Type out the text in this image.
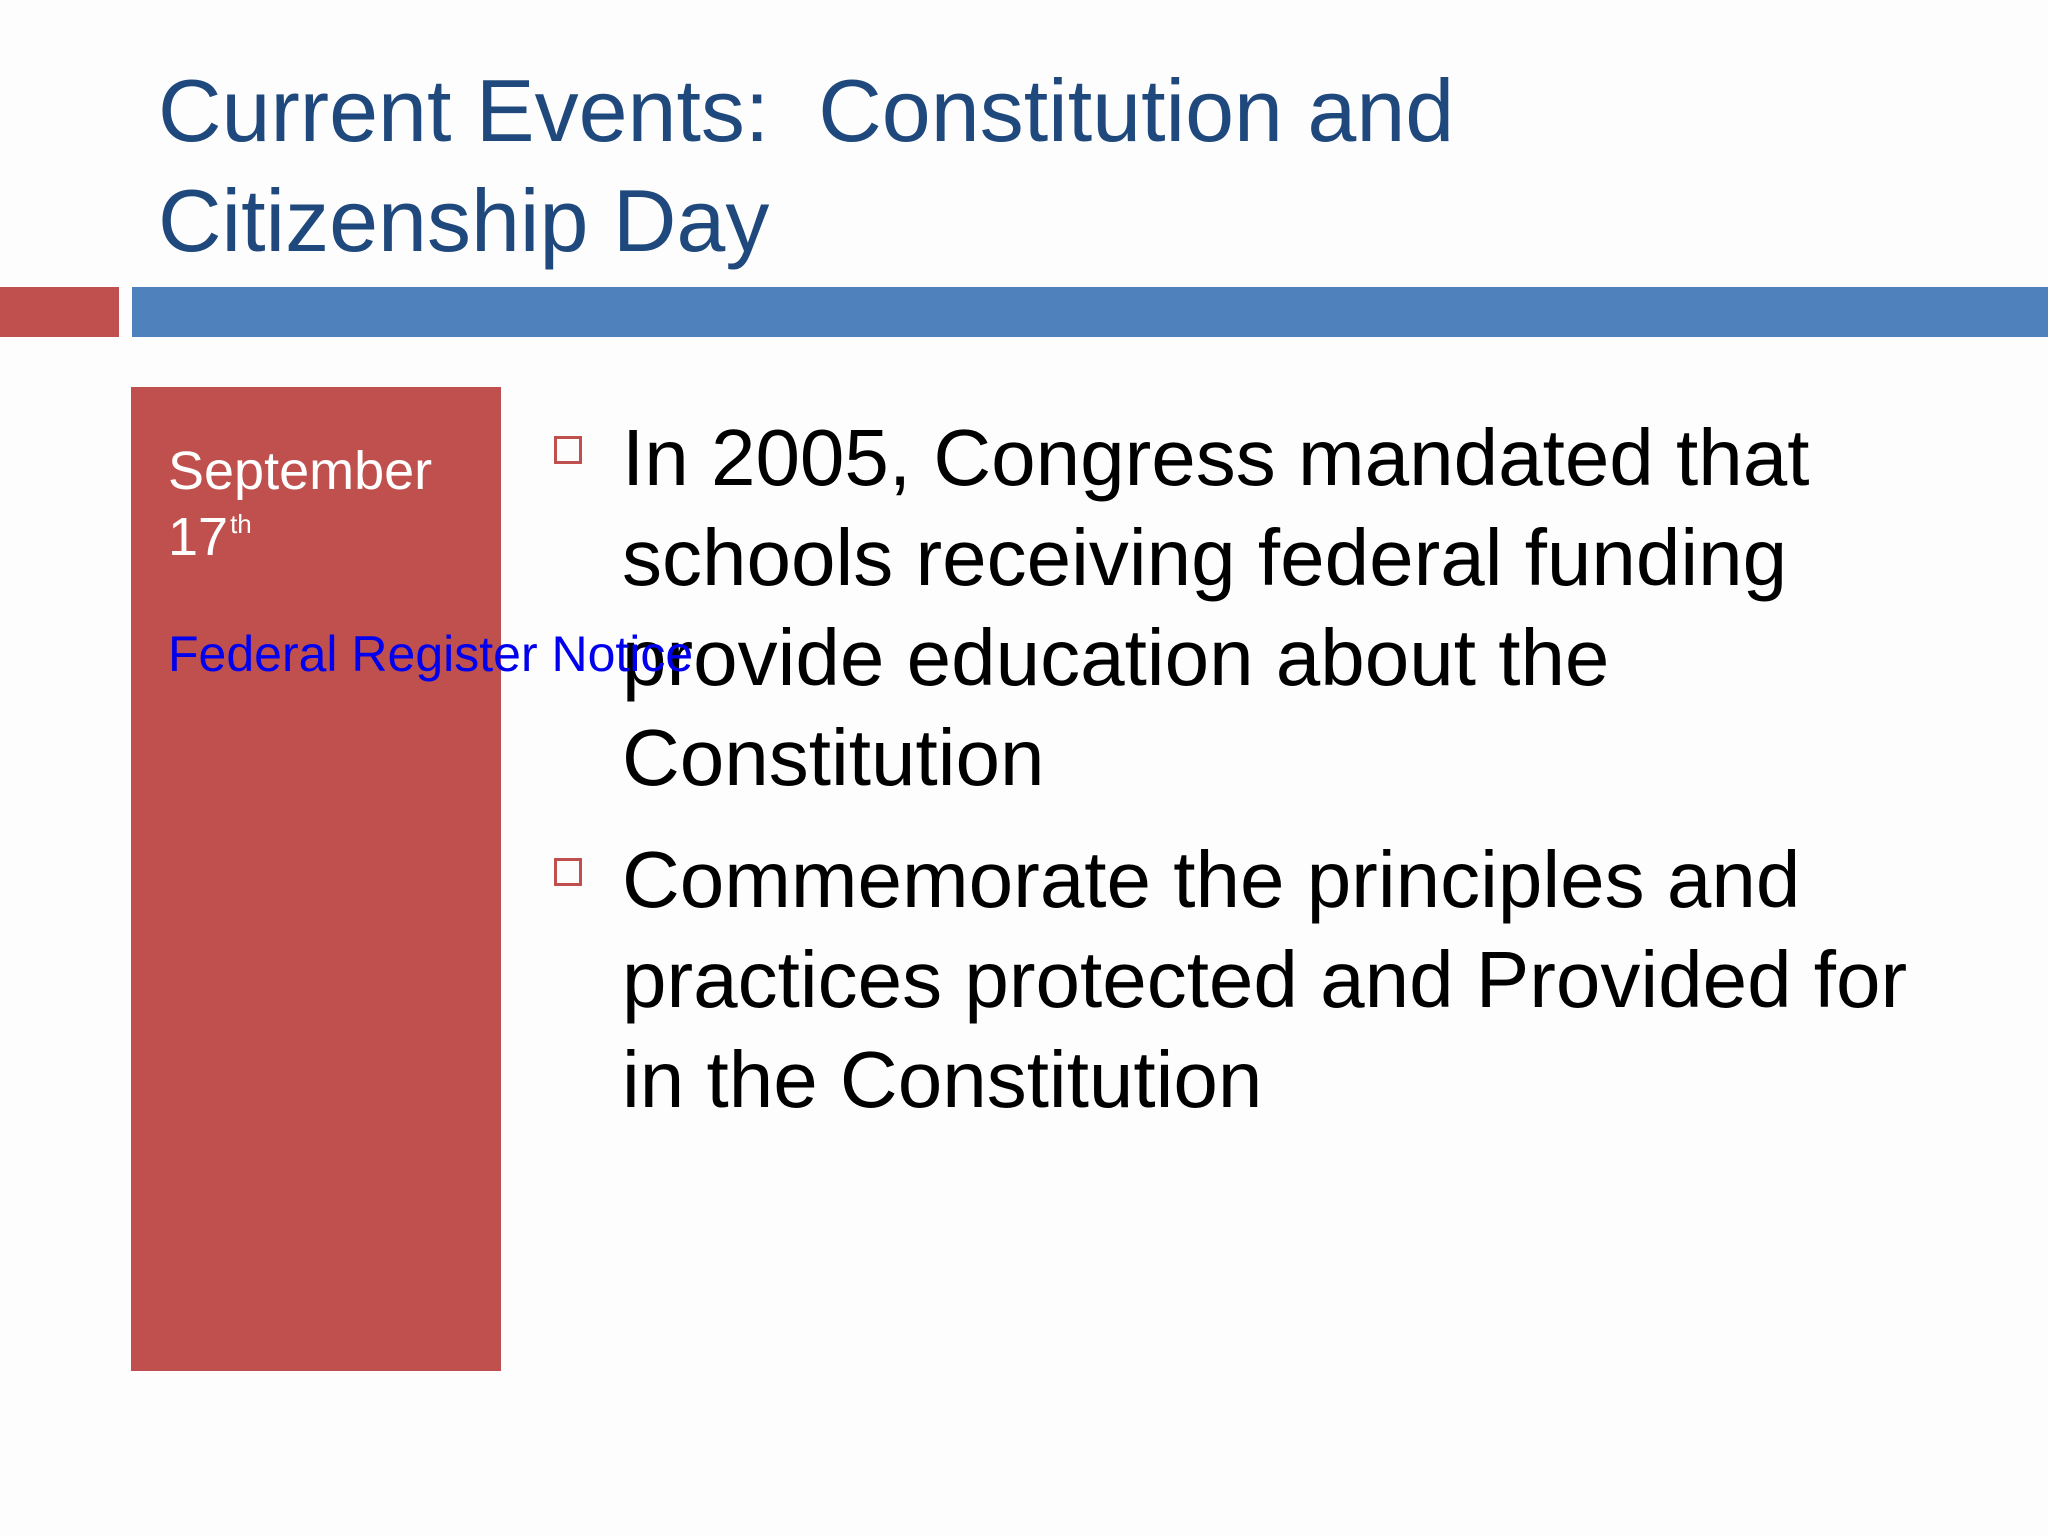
Current Events:  Constitution and
Citizenship Day
September
17th
Federal Register Notice
In 2005, Congress mandated that schools receiving federal funding provide education about the Constitution
Commemorate the principles and practices protected and Provided for in the Constitution
